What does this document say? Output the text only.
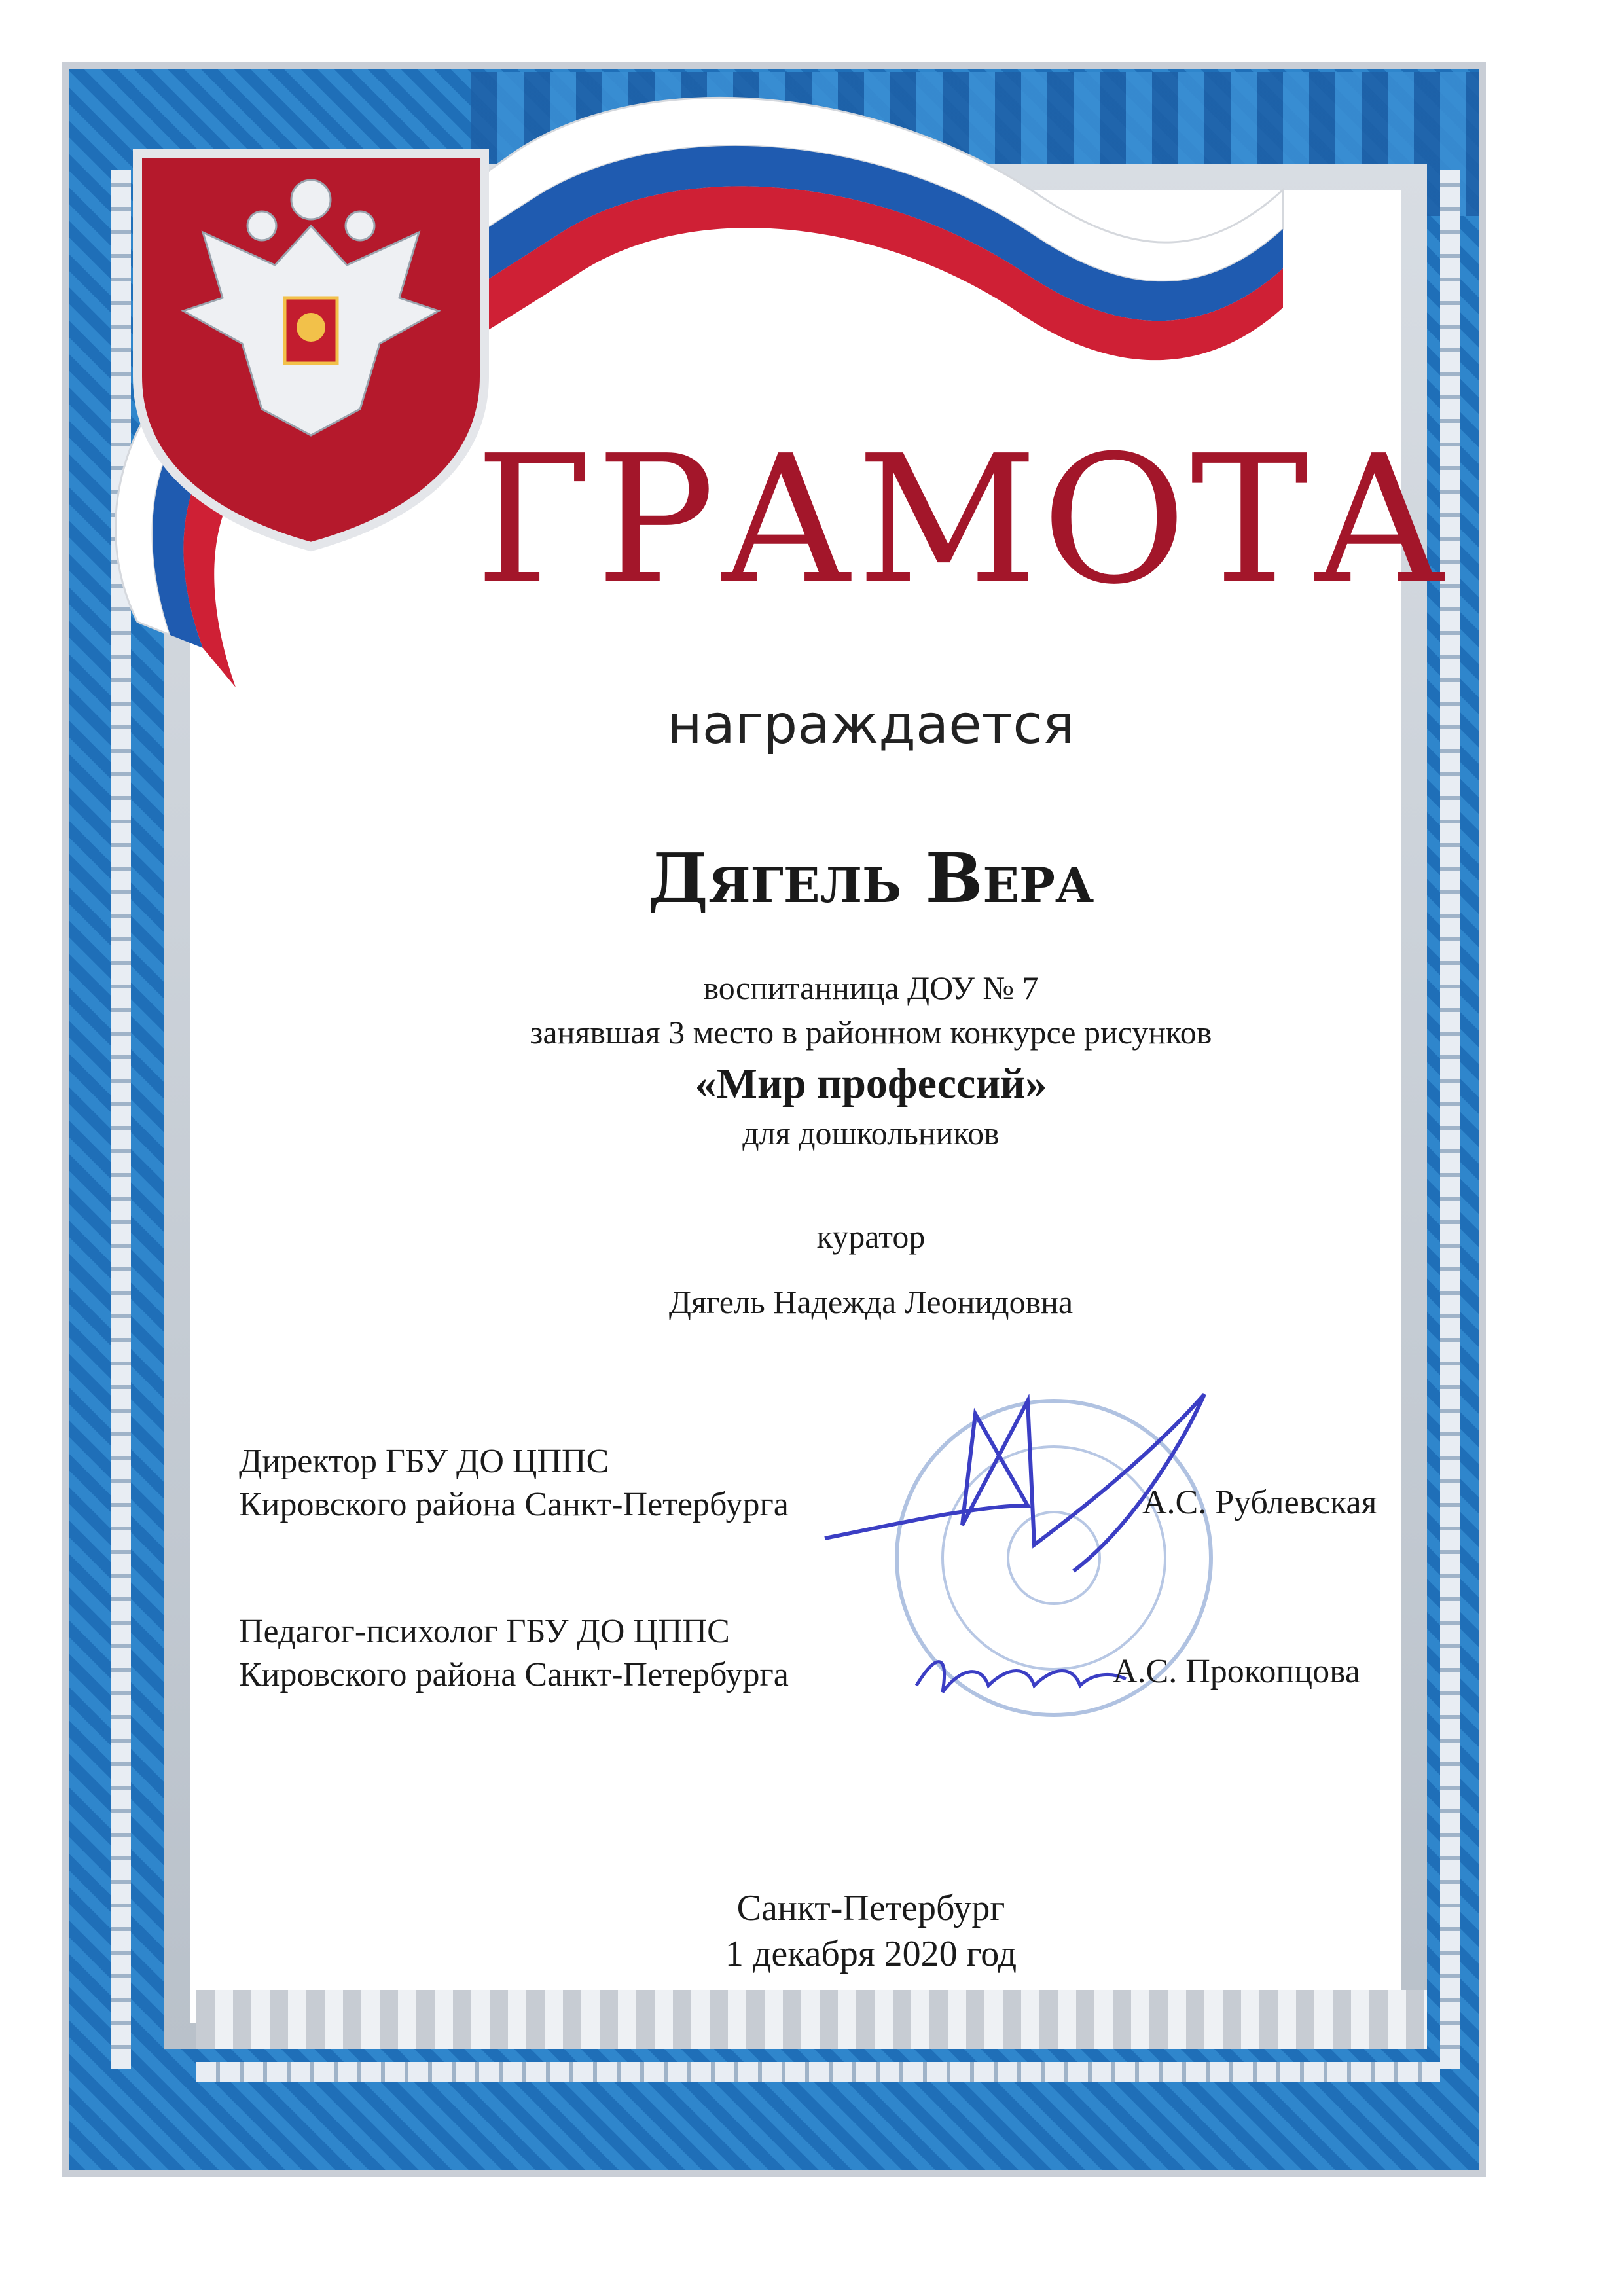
ГРАМОТА
награждается
Дягель Вера
воспитанница ДОУ № 7
занявшая 3 место в районном конкурсе рисунков
«Мир профессий»
для дошкольников
куратор
Дягель Надежда Леонидовна
Директор ГБУ ДО ЦППС
Кировского района Санкт-Петербурга	А.С. Рублевская
Педагог-психолог ГБУ ДО ЦППС
Кировского района Санкт-Петербурга	А.С. Прокопцова
Санкт-Петербург
1 декабря 2020 год
